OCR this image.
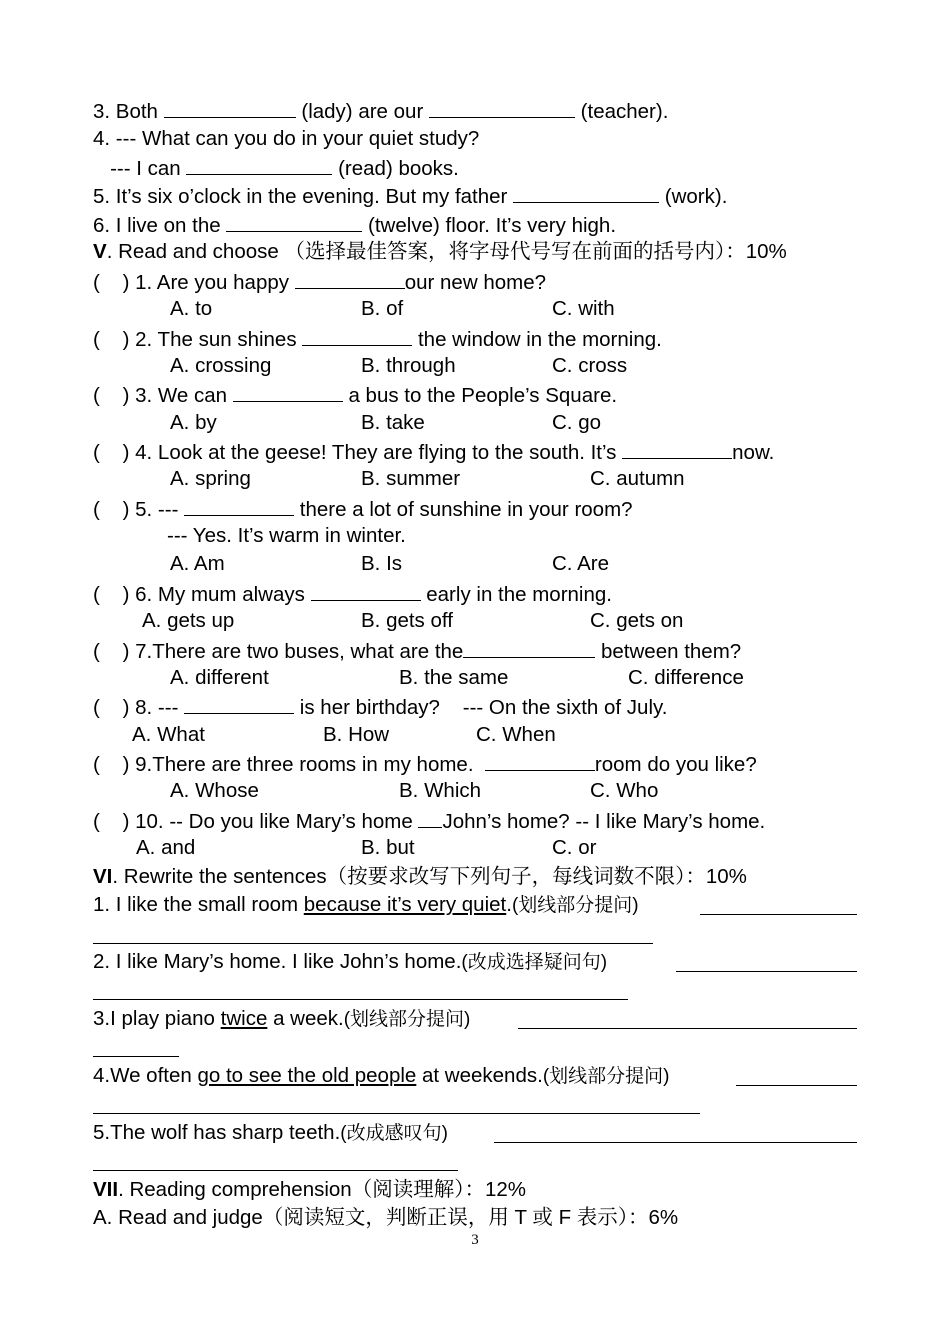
3. Both	(lady) are our	(teacher).
4. --- What can you do in your quiet study?
--- I can	(read) books.
5. It’s six o’clock in the evening. But my father	(work).
6. I live on the	(twelve) floor. It’s very high.
V. Read and choose （选择最佳答案，将字母代号写在前面的括号内）：10%
(    ) 1. Are you happy	our new home?
A. to	B. of	C. with
(    ) 2. The sun shines	the window in the morning.
A. crossing	B. through	C. cross
(    ) 3. We can	a bus to the People’s Square.
A. by	B. take	C. go
(    ) 4. Look at the geese! They are flying to the south. It’s	now.
A. spring	B. summer	C. autumn
(    ) 5. ---	there a lot of sunshine in your room?
--- Yes. It’s warm in winter.
A. Am	B. Is	C. Are
(    ) 6. My mum always	early in the morning.
A. gets up	B. gets off	C. gets on
(    ) 7.There are two buses, what are the	between them?
A. different	B. the same	C. difference
(    ) 8. ---	is her birthday?    --- On the sixth of July.
A. What	B. How	C. When
(    ) 9.There are three rooms in my home.	room do you like?
A. Whose	B. Which	C. Who
(    ) 10. -- Do you like Mary’s home John’s home? -- I like Mary’s home.
A. and	B. but	C. or
VI. Rewrite the sentences（按要求改写下列句子，每线词数不限）：10%
1. I like the small room because it’s very quiet.(划线部分提问)
2. I like Mary’s home. I like John’s home.(改成选择疑问句)
3.I play piano twice a week.(划线部分提问)
4.We often go to see the old people at weekends.(划线部分提问)
5.The wolf has sharp teeth.(改成感叹句)
VII. Reading comprehension（阅读理解）：12%
A. Read and judge（阅读短文，判断正误，用 T 或 F 表示）：6%
3
